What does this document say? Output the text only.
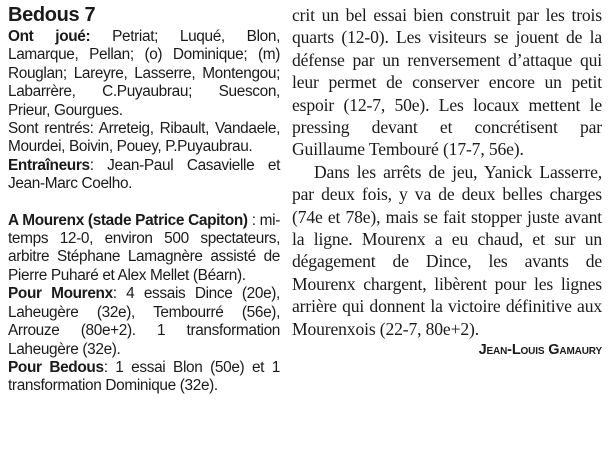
Bedous 7

Ont joué: Petriat; Luqué, Blon, Lamarque, Pellan; (o) Dominique; (m) Rouglan; Lareyre, Lasserre, Montengou; Labarrère, C.Puyaubrau; Suescon, Prieur, Gourgues.

Sont rentrés: Arreteig, Ribault, Vandaele, Mourdei, Boivin, Pouey, P.Puyaubrau.

Entraîneurs: Jean-Paul Casavielle et Jean-Marc Coelho.

A Mourenx (stade Patrice Capiton) : mi-temps 12-0, environ 500 spectateurs, arbitre Stéphane Lamagnère assisté de Pierre Puharé et Alex Mellet (Béarn).

Pour Mourenx: 4 essais Dince (20e), Laheugère (32e), Tembourré (56e), Arrouze (80e+2). 1 transformation Laheugère (32e).

Pour Bedous: 1 essai Blon (50e) et 1 transformation Dominique (32e).

crit un bel essai bien construit par les trois quarts (12-0). Les visiteurs se jouent de la défense par un renversement d’attaque qui leur permet de conserver encore un petit espoir (12-7, 50e). Les locaux mettent le pressing devant et concrétisent par Guillaume Tembouré (17-7, 56e).

Dans les arrêts de jeu, Yanick Lasserre, par deux fois, y va de deux belles charges (74e et 78e), mais se fait stopper juste avant la ligne. Mourenx a eu chaud, et sur un dégagement de Dince, les avants de Mourenx chargent, libèrent pour les lignes arrière qui donnent la victoire définitive aux Mourenxois (22-7, 80e+2).

Jean-Louis Gamaury
